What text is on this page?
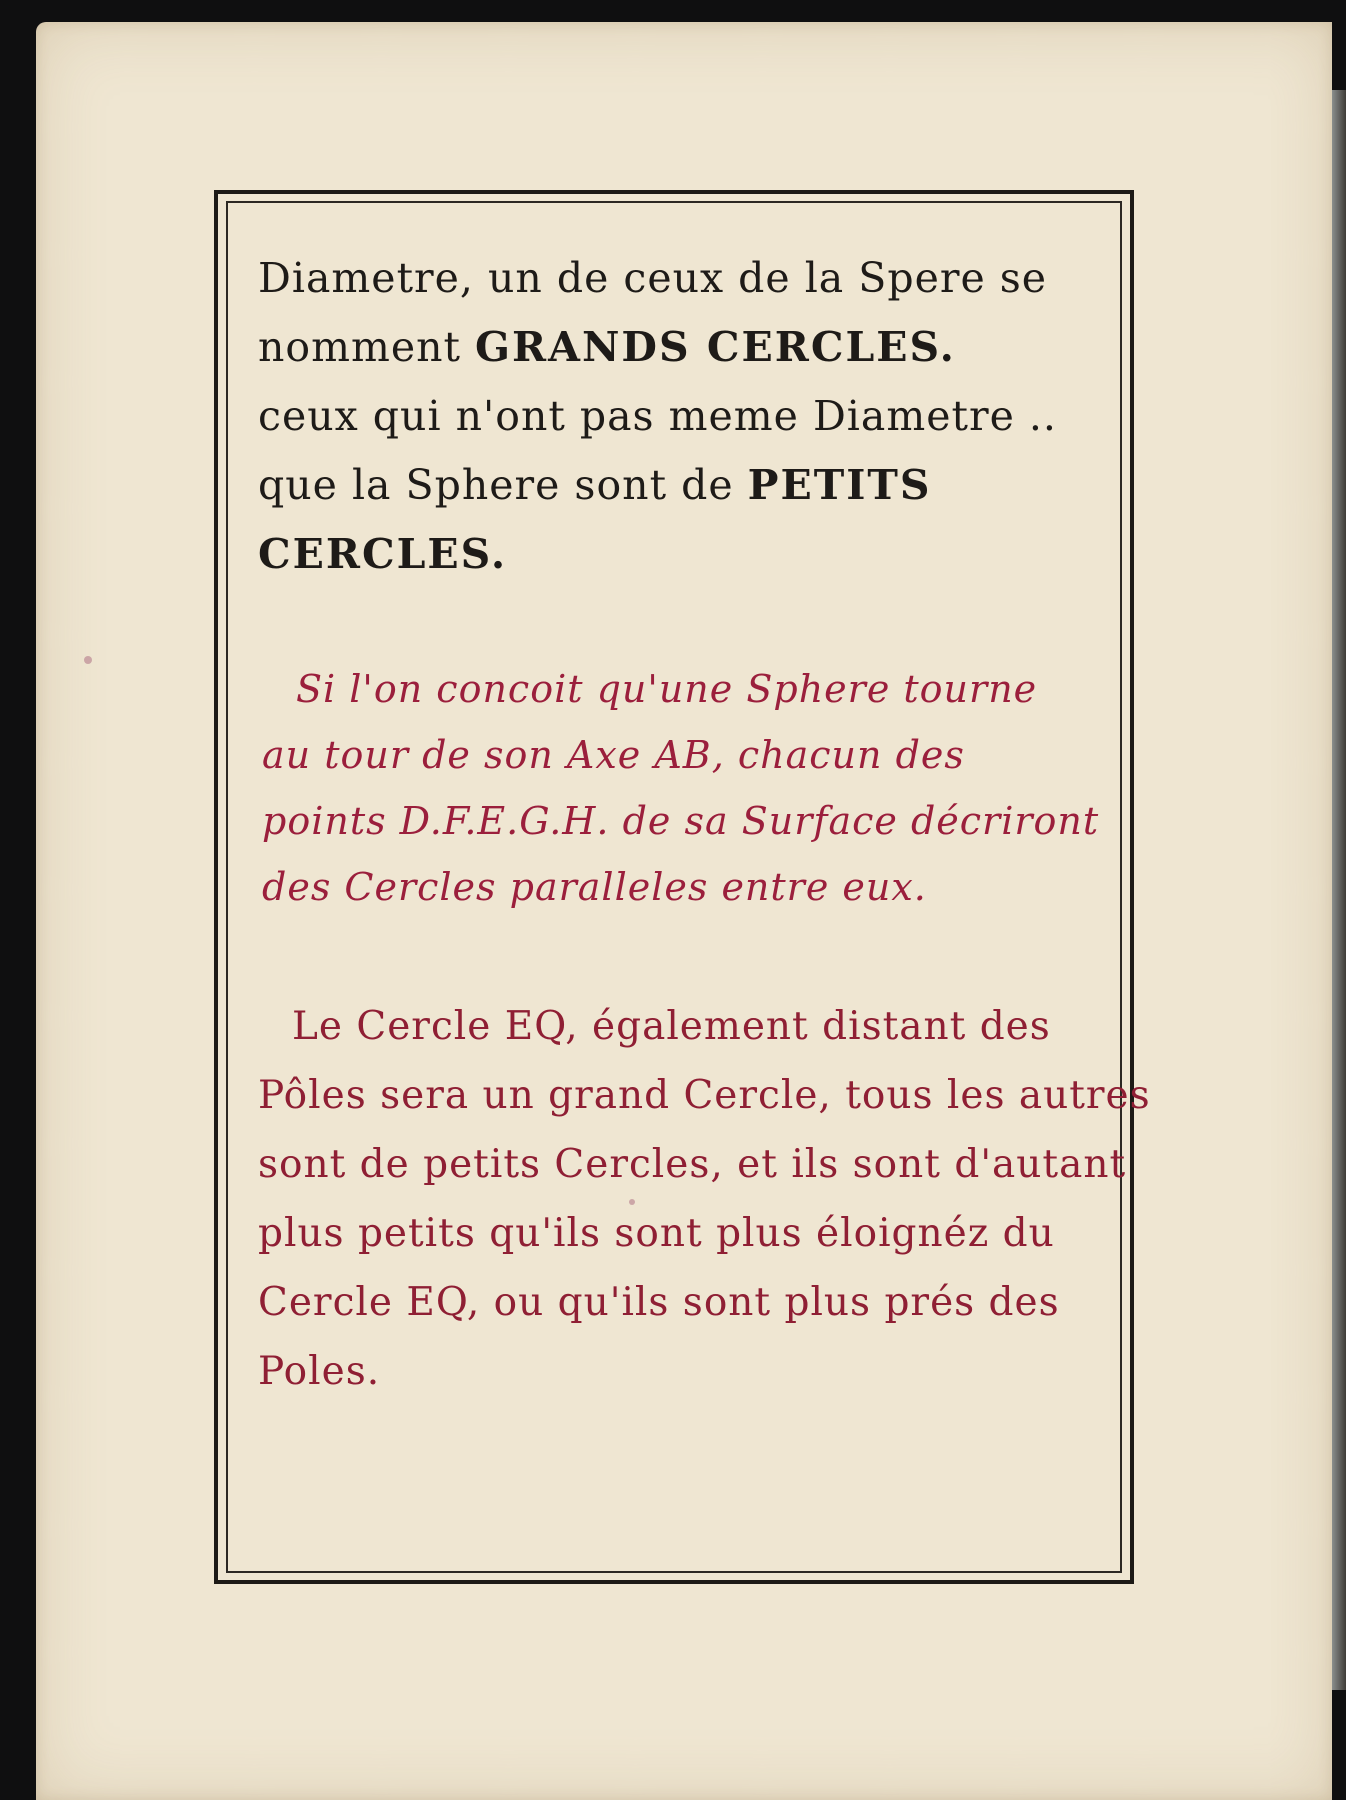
Diametre, un de ceux de la Spere se
nomment GRANDS CERCLES.
ceux qui n'ont pas meme Diametre ..
que la Sphere sont de PETITS
CERCLES.
Si l'on concoit qu'une Sphere tourne
au tour de son Axe AB, chacun des
points D.F.E.G.H. de sa Surface décriront
des Cercles paralleles entre eux.
Le Cercle EQ, également distant des
Pôles sera un grand Cercle, tous les autres
sont de petits Cercles, et ils sont d'autant
plus petits qu'ils sont plus éloignéz du
Cercle EQ, ou qu'ils sont plus prés des
Poles.
